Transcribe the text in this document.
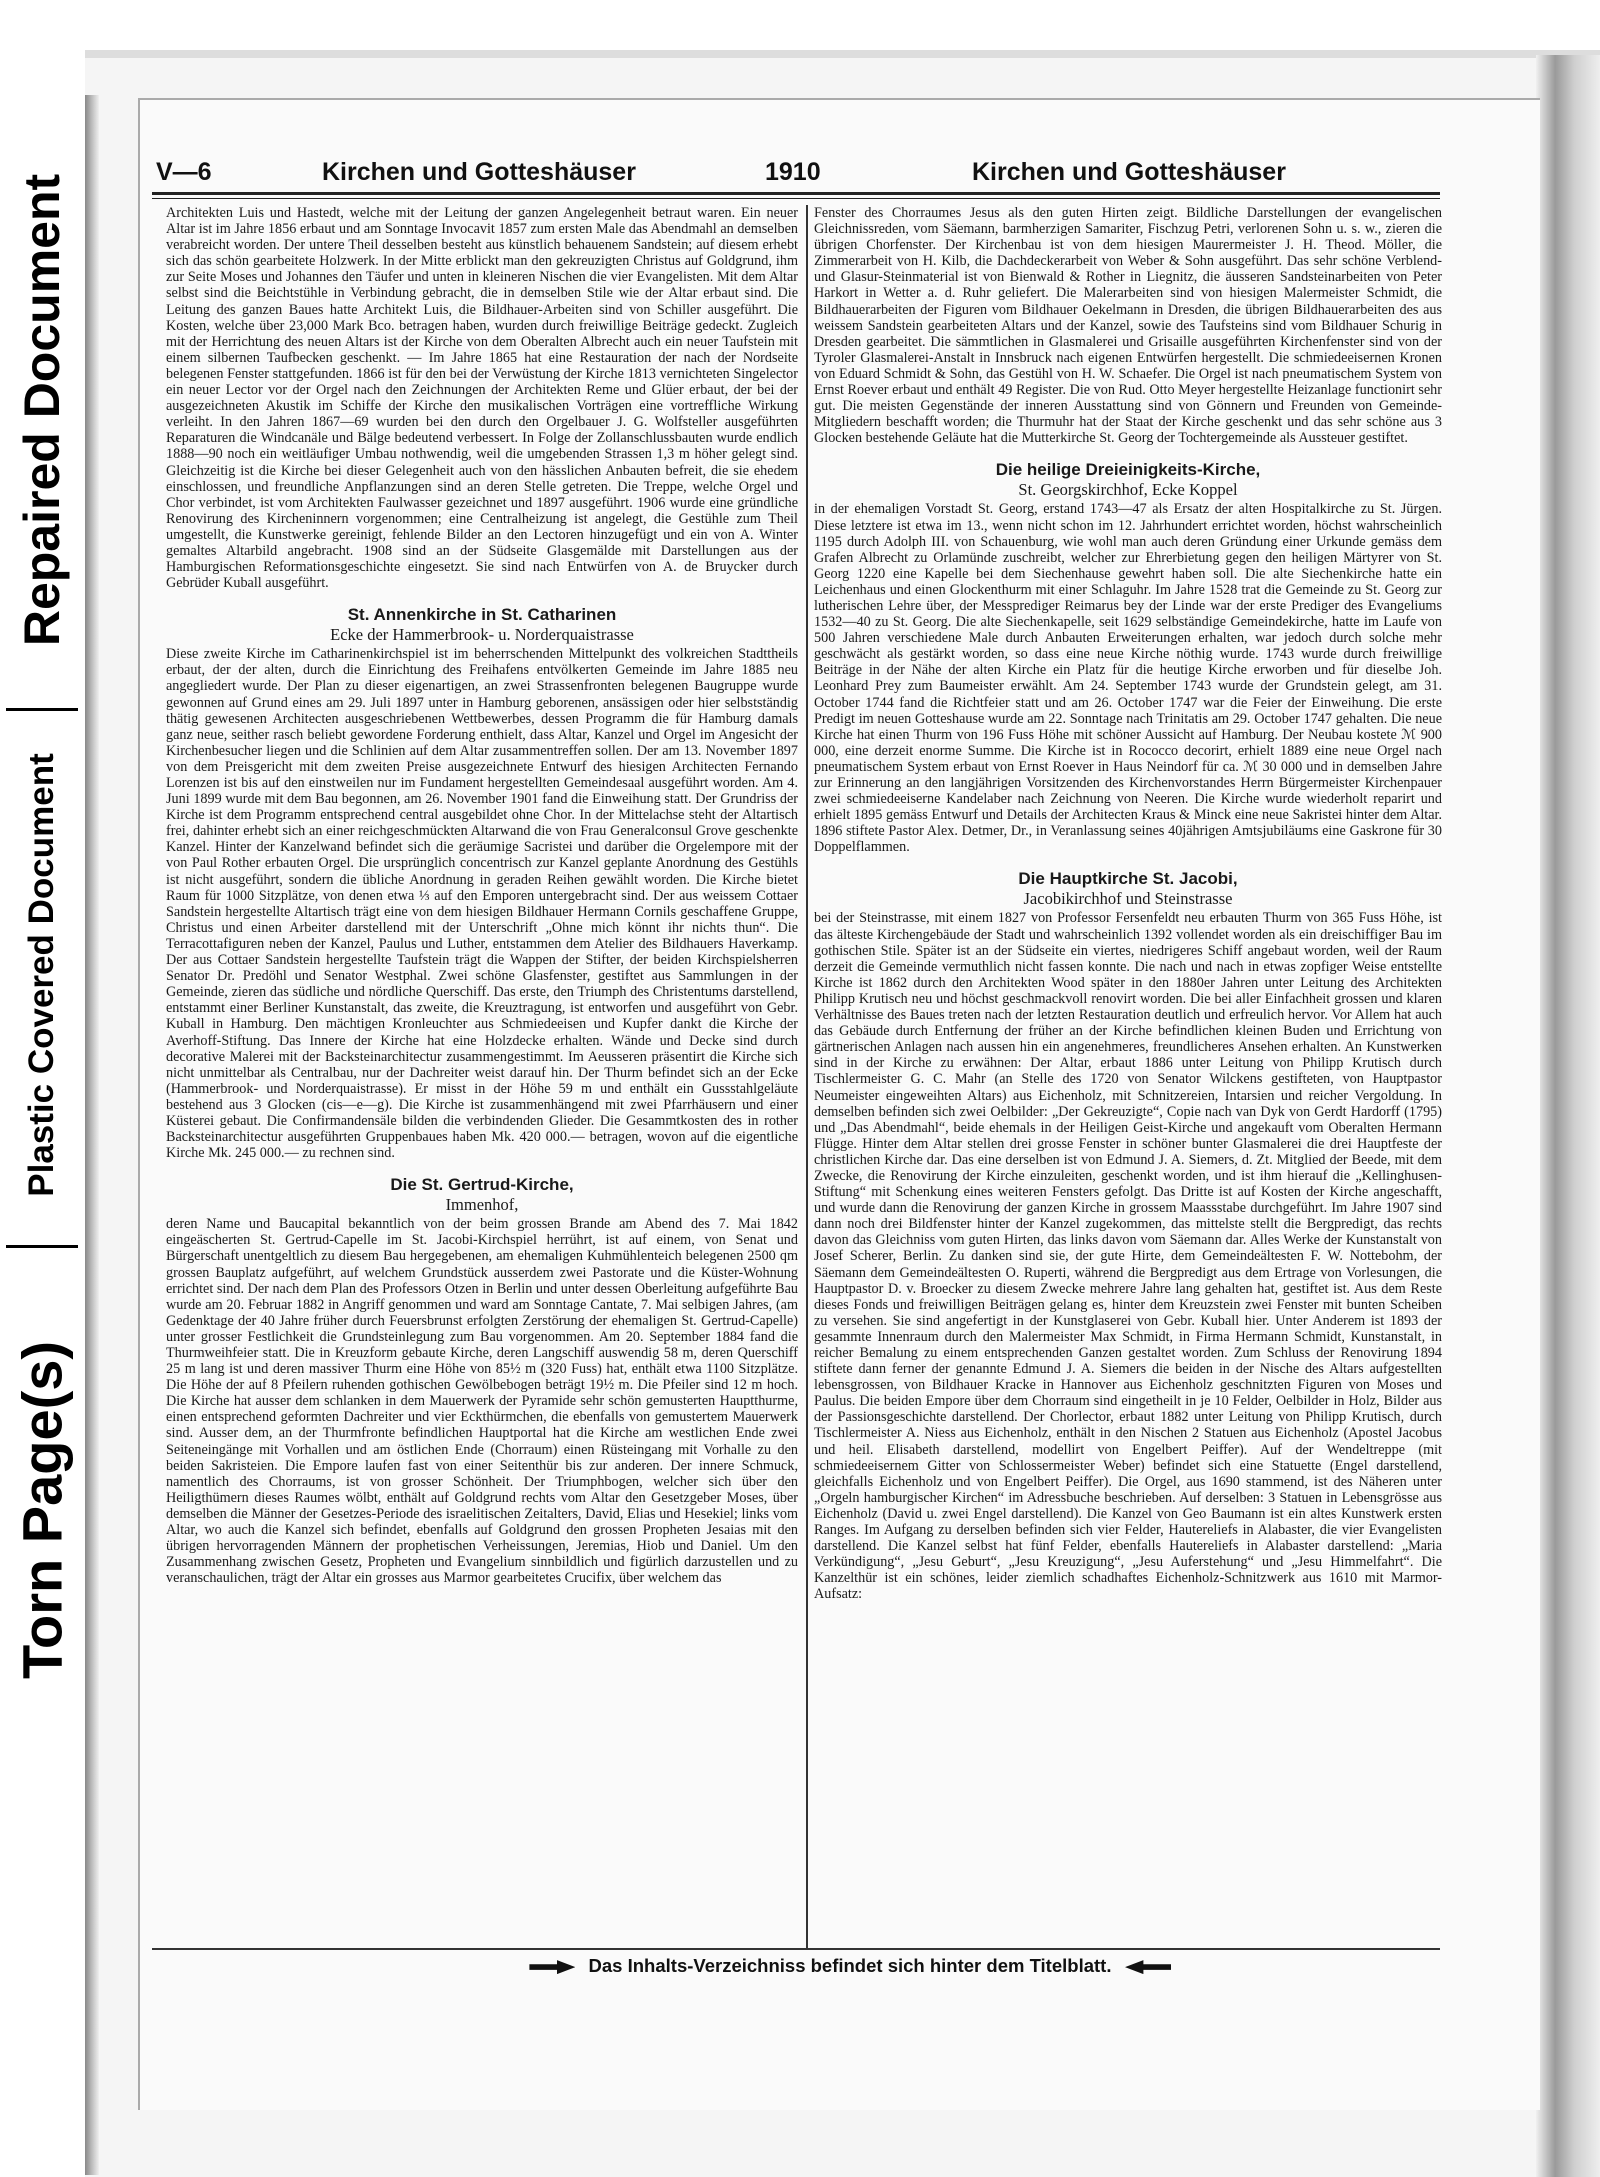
Torn Page(s)
Plastic Covered Document
Repaired Document
V—6	Kirchen und Gotteshäuser	1910	Kirchen und Gotteshäuser

Architekten Luis und Hastedt, welche mit der Leitung der ganzen Angelegenheit betraut waren. Ein neuer Altar ist im Jahre 1856 erbaut und am Sonntage Invocavit 1857 zum ersten Male das Abendmahl an demselben verabreicht worden. Der untere Theil desselben besteht aus künstlich behauenem Sandstein; auf diesem erhebt sich das schön gearbeitete Holzwerk. In der Mitte erblickt man den gekreuzigten Christus auf Goldgrund, ihm zur Seite Moses und Johannes den Täufer und unten in kleineren Nischen die vier Evangelisten. Mit dem Altar selbst sind die Beichtstühle in Verbindung gebracht, die in demselben Stile wie der Altar erbaut sind. Die Leitung des ganzen Baues hatte Architekt Luis, die Bildhauer-Arbeiten sind von Schiller ausgeführt. Die Kosten, welche über 23,000 Mark Bco. betragen haben, wurden durch freiwillige Beiträge gedeckt. Zugleich mit der Herrichtung des neuen Altars ist der Kirche von dem Oberalten Albrecht auch ein neuer Taufstein mit einem silbernen Taufbecken geschenkt. — Im Jahre 1865 hat eine Restauration der nach der Nordseite belegenen Fenster stattgefunden. 1866 ist für den bei der Verwüstung der Kirche 1813 vernichteten Singelector ein neuer Lector vor der Orgel nach den Zeichnungen der Architekten Reme und Glüer erbaut, der bei der ausgezeichneten Akustik im Schiffe der Kirche den musikalischen Vorträgen eine vortreffliche Wirkung verleiht. In den Jahren 1867—69 wurden bei den durch den Orgelbauer J. G. Wolfsteller ausgeführten Reparaturen die Windcanäle und Bälge bedeutend verbessert. In Folge der Zollanschlussbauten wurde endlich 1888—90 noch ein weitläufiger Umbau nothwendig, weil die umgebenden Strassen 1,3 m höher gelegt sind. Gleichzeitig ist die Kirche bei dieser Gelegenheit auch von den hässlichen Anbauten befreit, die sie ehedem einschlossen, und freundliche Anpflanzungen sind an deren Stelle getreten. Die Treppe, welche Orgel und Chor verbindet, ist vom Architekten Faulwasser gezeichnet und 1897 ausgeführt. 1906 wurde eine gründliche Renovirung des Kircheninnern vorgenommen; eine Centralheizung ist angelegt, die Gestühle zum Theil umgestellt, die Kunstwerke gereinigt, fehlende Bilder an den Lectoren hinzugefügt und ein von A. Winter gemaltes Altarbild angebracht. 1908 sind an der Südseite Glasgemälde mit Darstellungen aus der Hamburgischen Reformationsgeschichte eingesetzt. Sie sind nach Entwürfen von A. de Bruycker durch Gebrüder Kuball ausgeführt.

St. Annenkirche in St. Catharinen
Ecke der Hammerbrook- u. Norderquaistrasse

Diese zweite Kirche im Catharinenkirchspiel ist im beherrschenden Mittelpunkt des volkreichen Stadttheils erbaut, der der alten, durch die Einrichtung des Freihafens entvölkerten Gemeinde im Jahre 1885 neu angegliedert wurde. Der Plan zu dieser eigenartigen, an zwei Strassenfronten belegenen Baugruppe wurde gewonnen auf Grund eines am 29. Juli 1897 unter in Hamburg geborenen, ansässigen oder hier selbstständig thätig gewesenen Architecten ausgeschriebenen Wettbewerbes, dessen Programm die für Hamburg damals ganz neue, seither rasch beliebt gewordene Forderung enthielt, dass Altar, Kanzel und Orgel im Angesicht der Kirchenbesucher liegen und die Schlinien auf dem Altar zusammentreffen sollen. Der am 13. November 1897 von dem Preisgericht mit dem zweiten Preise ausgezeichnete Entwurf des hiesigen Architecten Fernando Lorenzen ist bis auf den einstweilen nur im Fundament hergestellten Gemeindesaal ausgeführt worden. Am 4. Juni 1899 wurde mit dem Bau begonnen, am 26. November 1901 fand die Einweihung statt. Der Grundriss der Kirche ist dem Programm entsprechend central ausgebildet ohne Chor. In der Mittelachse steht der Altartisch frei, dahinter erhebt sich an einer reichgeschmückten Altarwand die von Frau Generalconsul Grove geschenkte Kanzel. Hinter der Kanzelwand befindet sich die geräumige Sacristei und darüber die Orgelempore mit der von Paul Rother erbauten Orgel. Die ursprünglich concentrisch zur Kanzel geplante Anordnung des Gestühls ist nicht ausgeführt, sondern die übliche Anordnung in geraden Reihen gewählt worden. Die Kirche bietet Raum für 1000 Sitzplätze, von denen etwa ⅓ auf den Emporen untergebracht sind. Der aus weissem Cottaer Sandstein hergestellte Altartisch trägt eine von dem hiesigen Bildhauer Hermann Cornils geschaffene Gruppe, Christus und einen Arbeiter darstellend mit der Unterschrift „Ohne mich könnt ihr nichts thun“. Die Terracottafiguren neben der Kanzel, Paulus und Luther, entstammen dem Atelier des Bildhauers Haverkamp. Der aus Cottaer Sandstein hergestellte Taufstein trägt die Wappen der Stifter, der beiden Kirchspielsherren Senator Dr. Predöhl und Senator Westphal. Zwei schöne Glasfenster, gestiftet aus Sammlungen in der Gemeinde, zieren das südliche und nördliche Querschiff. Das erste, den Triumph des Christentums darstellend, entstammt einer Berliner Kunstanstalt, das zweite, die Kreuztragung, ist entworfen und ausgeführt von Gebr. Kuball in Hamburg. Den mächtigen Kronleuchter aus Schmiedeeisen und Kupfer dankt die Kirche der Averhoff-Stiftung. Das Innere der Kirche hat eine Holzdecke erhalten. Wände und Decke sind durch decorative Malerei mit der Backsteinarchitectur zusammengestimmt. Im Aeusseren präsentirt die Kirche sich nicht unmittelbar als Centralbau, nur der Dachreiter weist darauf hin. Der Thurm befindet sich an der Ecke (Hammerbrook- und Norderquaistrasse). Er misst in der Höhe 59 m und enthält ein Gussstahlgeläute bestehend aus 3 Glocken (cis—e—g). Die Kirche ist zusammenhängend mit zwei Pfarrhäusern und einer Küsterei gebaut. Die Confirmandensäle bilden die verbindenden Glieder. Die Gesammtkosten des in rother Backsteinarchitectur ausgeführten Gruppenbaues haben Mk. 420 000.— betragen, wovon auf die eigentliche Kirche Mk. 245 000.— zu rechnen sind.

Die St. Gertrud-Kirche,
Immenhof,

deren Name und Baucapital bekanntlich von der beim grossen Brande am Abend des 7. Mai 1842 eingeäscherten St. Gertrud-Capelle im St. Jacobi-Kirchspiel herrührt, ist auf einem, von Senat und Bürgerschaft unentgeltlich zu diesem Bau hergegebenen, am ehemaligen Kuhmühlenteich belegenen 2500 qm grossen Bauplatz aufgeführt, auf welchem Grundstück ausserdem zwei Pastorate und die Küster-Wohnung errichtet sind. Der nach dem Plan des Professors Otzen in Berlin und unter dessen Oberleitung aufgeführte Bau wurde am 20. Februar 1882 in Angriff genommen und ward am Sonntage Cantate, 7. Mai selbigen Jahres, (am Gedenktage der 40 Jahre früher durch Feuersbrunst erfolgten Zerstörung der ehemaligen St. Gertrud-Capelle) unter grosser Festlichkeit die Grundsteinlegung zum Bau vorgenommen. Am 20. September 1884 fand die Thurmweihfeier statt. Die in Kreuzform gebaute Kirche, deren Langschiff auswendig 58 m, deren Querschiff 25 m lang ist und deren massiver Thurm eine Höhe von 85½ m (320 Fuss) hat, enthält etwa 1100 Sitzplätze. Die Höhe der auf 8 Pfeilern ruhenden gothischen Gewölbebogen beträgt 19½ m. Die Pfeiler sind 12 m hoch. Die Kirche hat ausser dem schlanken in dem Mauerwerk der Pyramide sehr schön gemusterten Hauptthurme, einen entsprechend geformten Dachreiter und vier Eckthürmchen, die ebenfalls von gemustertem Mauerwerk sind. Ausser dem, an der Thurmfronte befindlichen Hauptportal hat die Kirche am westlichen Ende zwei Seiteneingänge mit Vorhallen und am östlichen Ende (Chorraum) einen Rüsteingang mit Vorhalle zu den beiden Sakristeien. Die Empore laufen fast von einer Seitenthür bis zur anderen. Der innere Schmuck, namentlich des Chorraums, ist von grosser Schönheit. Der Triumphbogen, welcher sich über den Heiligthümern dieses Raumes wölbt, enthält auf Goldgrund rechts vom Altar den Gesetzgeber Moses, über demselben die Männer der Gesetzes-Periode des israelitischen Zeitalters, David, Elias und Hesekiel; links vom Altar, wo auch die Kanzel sich befindet, ebenfalls auf Goldgrund den grossen Propheten Jesaias mit den übrigen hervorragenden Männern der prophetischen Verheissungen, Jeremias, Hiob und Daniel. Um den Zusammenhang zwischen Gesetz, Propheten und Evangelium sinnbildlich und figürlich darzustellen und zu veranschaulichen, trägt der Altar ein grosses aus Marmor gearbeitetes Crucifix, über welchem das

Fenster des Chorraumes Jesus als den guten Hirten zeigt. Bildliche Darstellungen der evangelischen Gleichnissreden, vom Säemann, barmherzigen Samariter, Fischzug Petri, verlorenen Sohn u. s. w., zieren die übrigen Chorfenster. Der Kirchenbau ist von dem hiesigen Maurermeister J. H. Theod. Möller, die Zimmerarbeit von H. Kilb, die Dachdeckerarbeit von Weber & Sohn ausgeführt. Das sehr schöne Verblend- und Glasur-Steinmaterial ist von Bienwald & Rother in Liegnitz, die äusseren Sandsteinarbeiten von Peter Harkort in Wetter a. d. Ruhr geliefert. Die Malerarbeiten sind von hiesigen Malermeister Schmidt, die Bildhauerarbeiten der Figuren vom Bildhauer Oekelmann in Dresden, die übrigen Bildhauerarbeiten des aus weissem Sandstein gearbeiteten Altars und der Kanzel, sowie des Taufsteins sind vom Bildhauer Schurig in Dresden gearbeitet. Die sämmtlichen in Glasmalerei und Grisaille ausgeführten Kirchenfenster sind von der Tyroler Glasmalerei-Anstalt in Innsbruck nach eigenen Entwürfen hergestellt. Die schmiedeeisernen Kronen von Eduard Schmidt & Sohn, das Gestühl von H. W. Schaefer. Die Orgel ist nach pneumatischem System von Ernst Roever erbaut und enthält 49 Register. Die von Rud. Otto Meyer hergestellte Heizanlage functionirt sehr gut. Die meisten Gegenstände der inneren Ausstattung sind von Gönnern und Freunden von Gemeinde-Mitgliedern beschafft worden; die Thurmuhr hat der Staat der Kirche geschenkt und das sehr schöne aus 3 Glocken bestehende Geläute hat die Mutterkirche St. Georg der Tochtergemeinde als Aussteuer gestiftet.

Die heilige Dreieinigkeits-Kirche,
St. Georgskirchhof, Ecke Koppel

in der ehemaligen Vorstadt St. Georg, erstand 1743—47 als Ersatz der alten Hospitalkirche zu St. Jürgen. Diese letztere ist etwa im 13., wenn nicht schon im 12. Jahrhundert errichtet worden, höchst wahrscheinlich 1195 durch Adolph III. von Schauenburg, wie wohl man auch deren Gründung einer Urkunde gemäss dem Grafen Albrecht zu Orlamünde zuschreibt, welcher zur Ehrerbietung gegen den heiligen Märtyrer von St. Georg 1220 eine Kapelle bei dem Siechenhause gewehrt haben soll. Die alte Siechenkirche hatte ein Leichenhaus und einen Glockenthurm mit einer Schlaguhr. Im Jahre 1528 trat die Gemeinde zu St. Georg zur lutherischen Lehre über, der Messprediger Reimarus bey der Linde war der erste Prediger des Evangeliums 1532—40 zu St. Georg. Die alte Siechenkapelle, seit 1629 selbständige Gemeindekirche, hatte im Laufe von 500 Jahren verschiedene Male durch Anbauten Erweiterungen erhalten, war jedoch durch solche mehr geschwächt als gestärkt worden, so dass eine neue Kirche nöthig wurde. 1743 wurde durch freiwillige Beiträge in der Nähe der alten Kirche ein Platz für die heutige Kirche erworben und für dieselbe Joh. Leonhard Prey zum Baumeister erwählt. Am 24. September 1743 wurde der Grundstein gelegt, am 31. October 1744 fand die Richtfeier statt und am 26. October 1747 war die Feier der Einweihung. Die erste Predigt im neuen Gotteshause wurde am 22. Sonntage nach Trinitatis am 29. October 1747 gehalten. Die neue Kirche hat einen Thurm von 196 Fuss Höhe mit schöner Aussicht auf Hamburg. Der Neubau kostete ℳ 900 000, eine derzeit enorme Summe. Die Kirche ist in Rococco decorirt, erhielt 1889 eine neue Orgel nach pneumatischem System erbaut von Ernst Roever in Haus Neindorf für ca. ℳ 30 000 und in demselben Jahre zur Erinnerung an den langjährigen Vorsitzenden des Kirchenvorstandes Herrn Bürgermeister Kirchenpauer zwei schmiedeeiserne Kandelaber nach Zeichnung von Neeren. Die Kirche wurde wiederholt reparirt und erhielt 1895 gemäss Entwurf und Details der Architecten Kraus & Minck eine neue Sakristei hinter dem Altar. 1896 stiftete Pastor Alex. Detmer, Dr., in Veranlassung seines 40jährigen Amtsjubiläums eine Gaskrone für 30 Doppelflammen.

Die Hauptkirche St. Jacobi,
Jacobikirchhof und Steinstrasse

bei der Steinstrasse, mit einem 1827 von Professor Fersenfeldt neu erbauten Thurm von 365 Fuss Höhe, ist das älteste Kirchengebäude der Stadt und wahrscheinlich 1392 vollendet worden als ein dreischiffiger Bau im gothischen Stile. Später ist an der Südseite ein viertes, niedrigeres Schiff angebaut worden, weil der Raum derzeit die Gemeinde vermuthlich nicht fassen konnte. Die nach und nach in etwas zopfiger Weise entstellte Kirche ist 1862 durch den Architekten Wood später in den 1880er Jahren unter Leitung des Architekten Philipp Krutisch neu und höchst geschmackvoll renovirt worden. Die bei aller Einfachheit grossen und klaren Verhältnisse des Baues treten nach der letzten Restauration deutlich und erfreulich hervor. Vor Allem hat auch das Gebäude durch Entfernung der früher an der Kirche befindlichen kleinen Buden und Errichtung von gärtnerischen Anlagen nach aussen hin ein angenehmeres, freundlicheres Ansehen erhalten. An Kunstwerken sind in der Kirche zu erwähnen: Der Altar, erbaut 1886 unter Leitung von Philipp Krutisch durch Tischlermeister G. C. Mahr (an Stelle des 1720 von Senator Wilckens gestifteten, von Hauptpastor Neumeister eingeweihten Altars) aus Eichenholz, mit Schnitzereien, Intarsien und reicher Vergoldung. In demselben befinden sich zwei Oelbilder: „Der Gekreuzigte“, Copie nach van Dyk von Gerdt Hardorff (1795) und „Das Abendmahl“, beide ehemals in der Heiligen Geist-Kirche und angekauft vom Oberalten Hermann Flügge. Hinter dem Altar stellen drei grosse Fenster in schöner bunter Glasmalerei die drei Hauptfeste der christlichen Kirche dar. Das eine derselben ist von Edmund J. A. Siemers, d. Zt. Mitglied der Beede, mit dem Zwecke, die Renovirung der Kirche einzuleiten, geschenkt worden, und ist ihm hierauf die „Kellinghusen-Stiftung“ mit Schenkung eines weiteren Fensters gefolgt. Das Dritte ist auf Kosten der Kirche angeschafft, und wurde dann die Renovirung der ganzen Kirche in grossem Maassstabe durchgeführt. Im Jahre 1907 sind dann noch drei Bildfenster hinter der Kanzel zugekommen, das mittelste stellt die Bergpredigt, das rechts davon das Gleichniss vom guten Hirten, das links davon vom Säemann dar. Alles Werke der Kunstanstalt von Josef Scherer, Berlin. Zu danken sind sie, der gute Hirte, dem Gemeindeältesten F. W. Nottebohm, der Säemann dem Gemeindeältesten O. Ruperti, während die Bergpredigt aus dem Ertrage von Vorlesungen, die Hauptpastor D. v. Broecker zu diesem Zwecke mehrere Jahre lang gehalten hat, gestiftet ist. Aus dem Reste dieses Fonds und freiwilligen Beiträgen gelang es, hinter dem Kreuzstein zwei Fenster mit bunten Scheiben zu versehen. Sie sind angefertigt in der Kunstglaserei von Gebr. Kuball hier. Unter Anderem ist 1893 der gesammte Innenraum durch den Malermeister Max Schmidt, in Firma Hermann Schmidt, Kunstanstalt, in reicher Bemalung zu einem entsprechenden Ganzen gestaltet worden. Zum Schluss der Renovirung 1894 stiftete dann ferner der genannte Edmund J. A. Siemers die beiden in der Nische des Altars aufgestellten lebensgrossen, von Bildhauer Kracke in Hannover aus Eichenholz geschnitzten Figuren von Moses und Paulus. Die beiden Empore über dem Chorraum sind eingetheilt in je 10 Felder, Oelbilder in Holz, Bilder aus der Passionsgeschichte darstellend. Der Chorlector, erbaut 1882 unter Leitung von Philipp Krutisch, durch Tischlermeister A. Niess aus Eichenholz, enthält in den Nischen 2 Statuen aus Eichenholz (Apostel Jacobus und heil. Elisabeth darstellend, modellirt von Engelbert Peiffer). Auf der Wendeltreppe (mit schmiedeeisernem Gitter von Schlossermeister Weber) befindet sich eine Statuette (Engel darstellend, gleichfalls Eichenholz und von Engelbert Peiffer). Die Orgel, aus 1690 stammend, ist des Näheren unter „Orgeln hamburgischer Kirchen“ im Adressbuche beschrieben. Auf derselben: 3 Statuen in Lebensgrösse aus Eichenholz (David u. zwei Engel darstellend). Die Kanzel von Geo Baumann ist ein altes Kunstwerk ersten Ranges. Im Aufgang zu derselben befinden sich vier Felder, Hautereliefs in Alabaster, die vier Evangelisten darstellend. Die Kanzel selbst hat fünf Felder, ebenfalls Hautereliefs in Alabaster darstellend: „Maria Verkündigung“, „Jesu Geburt“, „Jesu Kreuzigung“, „Jesu Auferstehung“ und „Jesu Himmelfahrt“. Die Kanzelthür ist ein schönes, leider ziemlich schadhaftes Eichenholz-Schnitzwerk aus 1610 mit Marmor-Aufsatz:

Das Inhalts-Verzeichniss befindet sich hinter dem Titelblatt.
